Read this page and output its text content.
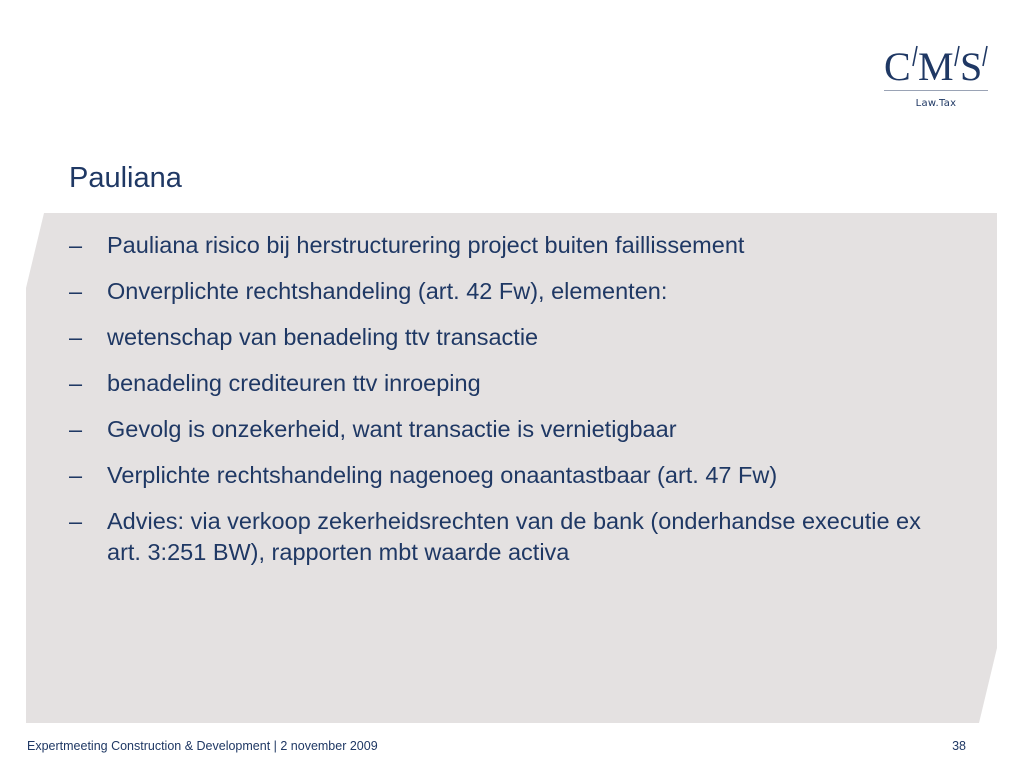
C M S
Law.Tax
Pauliana
– Pauliana risico bij herstructurering project buiten faillissement
– Onverplichte rechtshandeling (art. 42 Fw), elementen:
– wetenschap van benadeling ttv transactie
– benadeling crediteuren ttv inroeping
– Gevolg is onzekerheid, want transactie is vernietigbaar
– Verplichte rechtshandeling nagenoeg onaantastbaar (art. 47 Fw)
– Advies: via verkoop zekerheidsrechten van de bank (onderhandse executie ex art. 3:251 BW), rapporten mbt waarde activa
Expertmeeting Construction & Development | 2 november 2009	38
